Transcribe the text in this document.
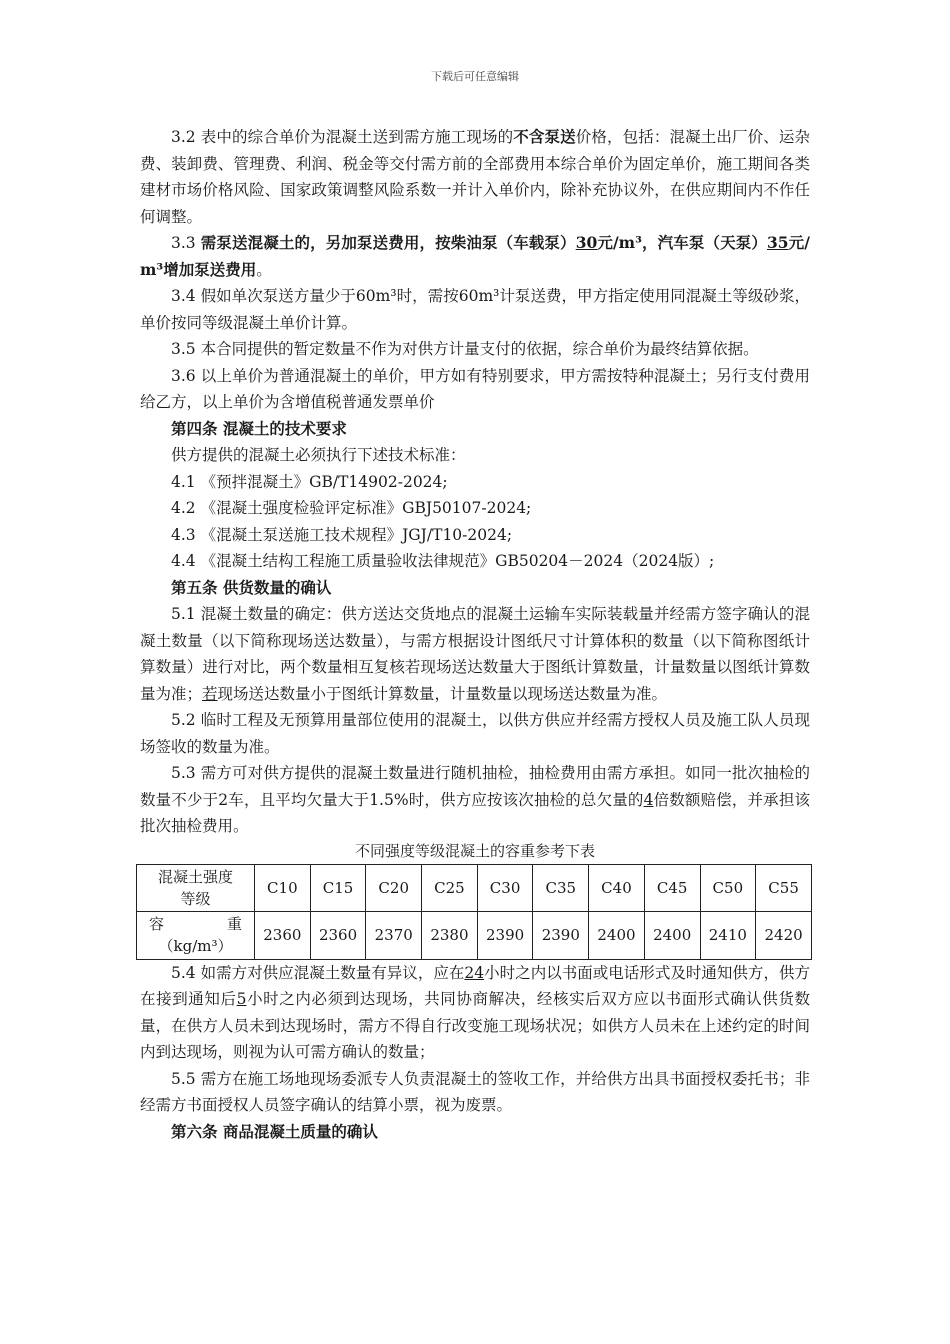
下载后可任意编辑

3.2 表中的综合单价为混凝土送到需方施工现场的不含泵送价格，包括：混凝土出厂价、运杂费、装卸费、管理费、利润、税金等交付需方前的全部费用本综合单价为固定单价，施工期间各类建材市场价格风险、国家政策调整风险系数一并计入单价内，除补充协议外，在供应期间内不作任何调整。

3.3 需泵送混凝土的，另加泵送费用，按柴油泵（车载泵）30元/m³，汽车泵（天泵）35元/m³增加泵送费用。

3.4 假如单次泵送方量少于60m³时，需按60m³计泵送费，甲方指定使用同混凝土等级砂浆，单价按同等级混凝土单价计算。

3.5 本合同提供的暂定数量不作为对供方计量支付的依据，综合单价为最终结算依据。

3.6 以上单价为普通混凝土的单价，甲方如有特别要求，甲方需按特种混凝土；另行支付费用给乙方，以上单价为含增值税普通发票单价

第四条 混凝土的技术要求

供方提供的混凝土必须执行下述技术标准：

4.1 《预拌混凝土》GB/T14902-2024;

4.2 《混凝土强度检验评定标准》GBJ50107-2024;

4.3 《混凝土泵送施工技术规程》JGJ/T10-2024;

4.4 《混凝土结构工程施工质量验收法律规范》GB50204－2024（2024版）;

第五条 供货数量的确认

5.1 混凝土数量的确定：供方送达交货地点的混凝土运输车实际装载量并经需方签字确认的混凝土数量（以下简称现场送达数量），与需方根据设计图纸尺寸计算体积的数量（以下简称图纸计算数量）进行对比，两个数量相互复核若现场送达数量大于图纸计算数量，计量数量以图纸计算数量为准；若现场送达数量小于图纸计算数量，计量数量以现场送达数量为准。

5.2 临时工程及无预算用量部位使用的混凝土，以供方供应并经需方授权人员及施工队人员现场签收的数量为准。

5.3 需方可对供方提供的混凝土数量进行随机抽检，抽检费用由需方承担。如同一批次抽检的数量不少于2车，且平均欠量大于1.5%时，供方应按该次抽检的总欠量的4倍数额赔偿，并承担该批次抽检费用。

不同强度等级混凝土的容重参考下表

混凝土强度
等级	C10	C15	C20	C25	C30	C35	C40	C45	C50	C55

容 重
（kg/m³）	2360	2360	2370	2380	2390	2390	2400	2400	2410	2420

5.4 如需方对供应混凝土数量有异议，应在24小时之内以书面或电话形式及时通知供方，供方在接到通知后5小时之内必须到达现场，共同协商解决，经核实后双方应以书面形式确认供货数量，在供方人员未到达现场时，需方不得自行改变施工现场状况；如供方人员未在上述约定的时间内到达现场，则视为认可需方确认的数量；

5.5 需方在施工场地现场委派专人负责混凝土的签收工作，并给供方出具书面授权委托书；非经需方书面授权人员签字确认的结算小票，视为废票。

第六条 商品混凝土质量的确认
